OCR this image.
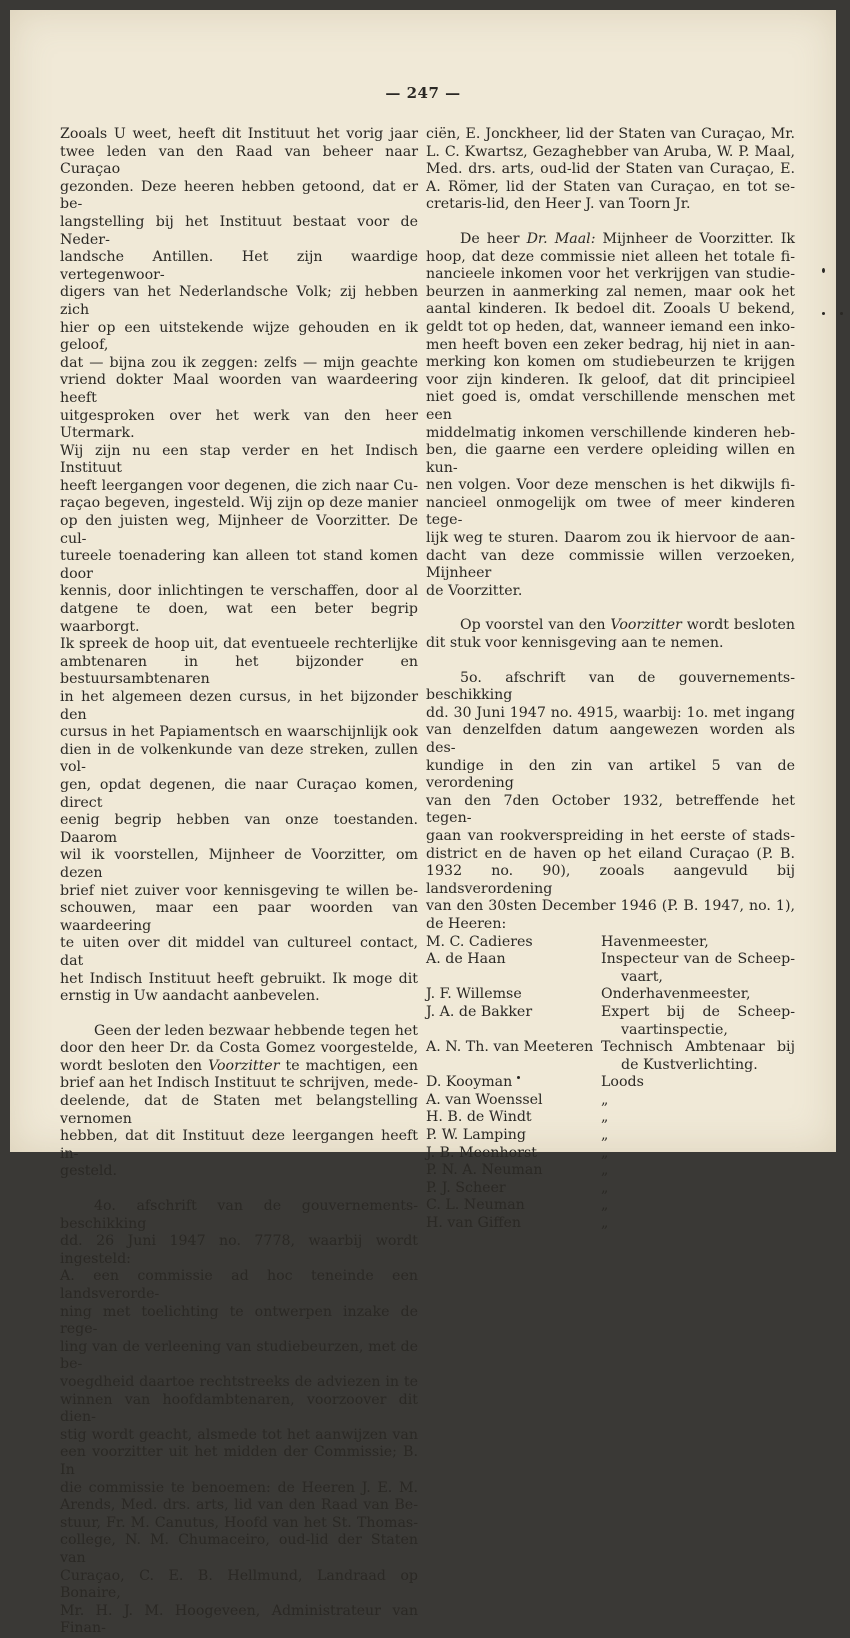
— 247 —
Zooals U weet, heeft dit Instituut het vorig jaar
twee leden van den Raad van beheer naar Curaçao
gezonden. Deze heeren hebben getoond, dat er be-
langstelling bij het Instituut bestaat voor de Neder-
landsche Antillen. Het zijn waardige vertegenwoor-
digers van het Nederlandsche Volk; zij hebben zich
hier op een uitstekende wijze gehouden en ik geloof,
dat — bijna zou ik zeggen: zelfs — mijn geachte
vriend dokter Maal woorden van waardeering heeft
uitgesproken over het werk van den heer Utermark.
Wij zijn nu een stap verder en het Indisch Instituut
heeft leergangen voor degenen, die zich naar Cu-
raçao begeven, ingesteld. Wij zijn op deze manier
op den juisten weg, Mijnheer de Voorzitter. De cul-
tureele toenadering kan alleen tot stand komen door
kennis, door inlichtingen te verschaffen, door al
datgene te doen, wat een beter begrip waarborgt.
Ik spreek de hoop uit, dat eventueele rechterlijke
ambtenaren in het bijzonder en bestuursambtenaren
in het algemeen dezen cursus, in het bijzonder den
cursus in het Papiamentsch en waarschijnlijk ook
dien in de volkenkunde van deze streken, zullen vol-
gen, opdat degenen, die naar Curaçao komen, direct
eenig begrip hebben van onze toestanden. Daarom
wil ik voorstellen, Mijnheer de Voorzitter, om dezen
brief niet zuiver voor kennisgeving te willen be-
schouwen, maar een paar woorden van waardeering
te uiten over dit middel van cultureel contact, dat
het Indisch Instituut heeft gebruikt. Ik moge dit
ernstig in Uw aandacht aanbevelen.
Geen der leden bezwaar hebbende tegen het
door den heer Dr. da Costa Gomez voorgestelde,
wordt besloten den Voorzitter te machtigen, een
brief aan het Indisch Instituut te schrijven, mede-
deelende, dat de Staten met belangstelling vernomen
hebben, dat dit Instituut deze leergangen heeft in-
gesteld.
4o. afschrift van de gouvernements-beschikking
dd. 26 Juni 1947 no. 7778, waarbij wordt ingesteld:
A. een commissie ad hoc teneinde een landsverorde-
ning met toelichting te ontwerpen inzake de rege-
ling van de verleening van studiebeurzen, met de be-
voegdheid daartoe rechtstreeks de adviezen in te
winnen van hoofdambtenaren, voorzoover dit dien-
stig wordt geacht, alsmede tot het aanwijzen van
een voorzitter uit het midden der Commissie; B. In
die commissie te benoemen: de Heeren J. E. M.
Arends, Med. drs. arts, lid van den Raad van Be-
stuur, Fr. M. Canutus, Hoofd van het St. Thomas-
college, N. M. Chumaceiro, oud-lid der Staten van
Curaçao, C. E. B. Hellmund, Landraad op Bonaire,
Mr. H. J. M. Hoogeveen, Administrateur van Finan-
ciën, E. Jonckheer, lid der Staten van Curaçao, Mr.
L. C. Kwartsz, Gezaghebber van Aruba, W. P. Maal,
Med. drs. arts, oud-lid der Staten van Curaçao, E.
A. Römer, lid der Staten van Curaçao, en tot se-
cretaris-lid, den Heer J. van Toorn Jr.
De heer Dr. Maal: Mijnheer de Voorzitter. Ik
hoop, dat deze commissie niet alleen het totale fi-
nancieele inkomen voor het verkrijgen van studie-
beurzen in aanmerking zal nemen, maar ook het
aantal kinderen. Ik bedoel dit. Zooals U bekend,
geldt tot op heden, dat, wanneer iemand een inko-
men heeft boven een zeker bedrag, hij niet in aan-
merking kon komen om studiebeurzen te krijgen
voor zijn kinderen. Ik geloof, dat dit principieel
niet goed is, omdat verschillende menschen met een
middelmatig inkomen verschillende kinderen heb-
ben, die gaarne een verdere opleiding willen en kun-
nen volgen. Voor deze menschen is het dikwijls fi-
nancieel onmogelijk om twee of meer kinderen tege-
lijk weg te sturen. Daarom zou ik hiervoor de aan-
dacht van deze commissie willen verzoeken, Mijnheer
de Voorzitter.
Op voorstel van den Voorzitter wordt besloten
dit stuk voor kennisgeving aan te nemen.
5o. afschrift van de gouvernements-beschikking
dd. 30 Juni 1947 no. 4915, waarbij: 1o. met ingang
van denzelfden datum aangewezen worden als des-
kundige in den zin van artikel 5 van de verordening
van den 7den October 1932, betreffende het tegen-
gaan van rookverspreiding in het eerste of stads-
district en de haven op het eiland Curaçao (P. B.
1932 no. 90), zooals aangevuld bij landsverordening
van den 30sten December 1946 (P. B. 1947, no. 1),
de Heeren:
M. C. Cadieres	Havenmeester,
A. de Haan	Inspecteur van de Scheep-
vaart,
J. F. Willemse	Onderhavenmeester,
J. A. de Bakker	Expert bij de Scheep-
vaartinspectie,
A. N. Th. van Meeteren Technisch Ambtenaar bij
de Kustverlichting.
D. Kooyman	Loods
A. van Woenssel	„
H. B. de Windt	„
P. W. Lamping	„
J. B. Meenhorst	„
P. N. A. Neuman	„
P. J. Scheer	„
C. L. Neuman	„
H. van Giffen	„
